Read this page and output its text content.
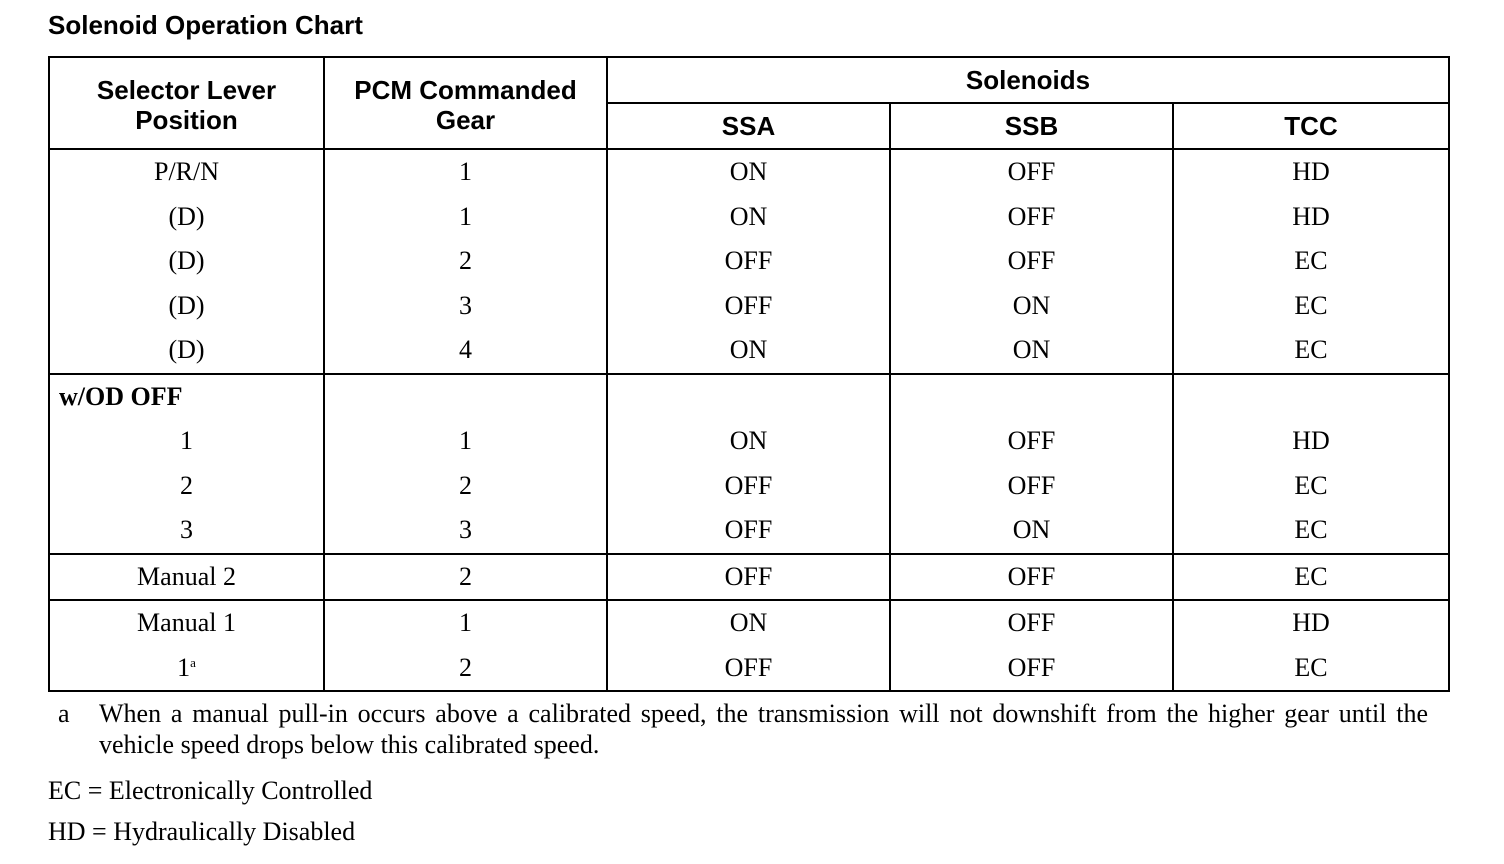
Solenoid Operation Chart
Selector Lever Position	PCM Commanded Gear	Solenoids		
		SSA	SSB	TCC
P/R/N	1	ON	OFF	HD
(D)	1	ON	OFF	HD
(D)	2	OFF	OFF	EC
(D)	3	OFF	ON	EC
(D)	4	ON	ON	EC
w/OD OFF				
1	1	ON	OFF	HD
2	2	OFF	OFF	EC
3	3	OFF	ON	EC
Manual 2	2	OFF	OFF	EC
Manual 1	1	ON	OFF	HD
1$^a$	2	OFF	OFF	EC
a When a manual pull-in occurs above a calibrated speed, the transmission will not downshift from the higher gear until the vehicle speed drops below this calibrated speed.
EC = Electronically Controlled
HD = Hydraulically Disabled
